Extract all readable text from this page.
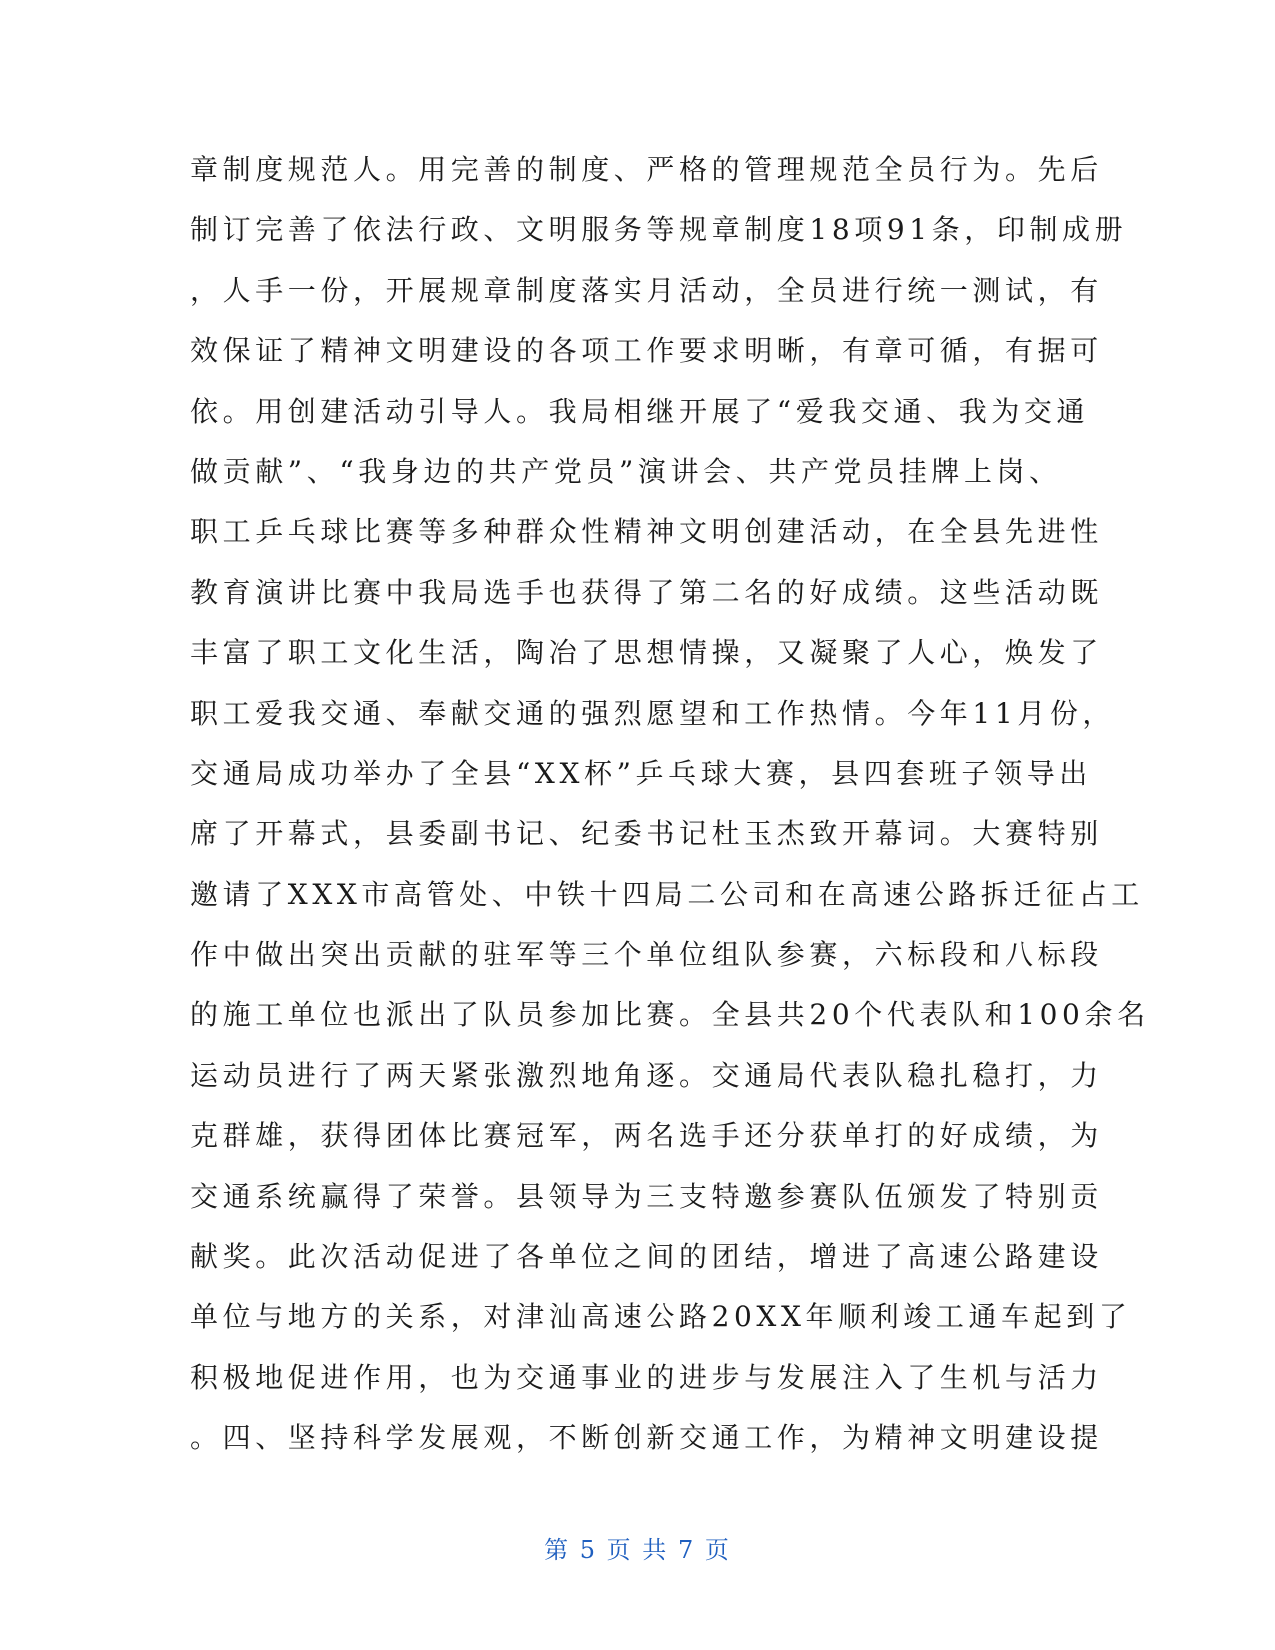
章制度规范人。用完善的制度、严格的管理规范全员行为。先后
制订完善了依法行政、文明服务等规章制度18项91条，印制成册
，人手一份，开展规章制度落实月活动，全员进行统一测试，有
效保证了精神文明建设的各项工作要求明晰，有章可循，有据可
依。用创建活动引导人。我局相继开展了“爱我交通、我为交通
做贡献”、“我身边的共产党员”演讲会、共产党员挂牌上岗、
职工乒乓球比赛等多种群众性精神文明创建活动，在全县先进性
教育演讲比赛中我局选手也获得了第二名的好成绩。这些活动既
丰富了职工文化生活，陶冶了思想情操，又凝聚了人心，焕发了
职工爱我交通、奉献交通的强烈愿望和工作热情。今年11月份，
交通局成功举办了全县“XX杯”乒乓球大赛，县四套班子领导出
席了开幕式，县委副书记、纪委书记杜玉杰致开幕词。大赛特别
邀请了XXX市高管处、中铁十四局二公司和在高速公路拆迁征占工
作中做出突出贡献的驻军等三个单位组队参赛，六标段和八标段
的施工单位也派出了队员参加比赛。全县共20个代表队和100余名
运动员进行了两天紧张激烈地角逐。交通局代表队稳扎稳打，力
克群雄，获得团体比赛冠军，两名选手还分获单打的好成绩，为
交通系统赢得了荣誉。县领导为三支特邀参赛队伍颁发了特别贡
献奖。此次活动促进了各单位之间的团结，增进了高速公路建设
单位与地方的关系，对津汕高速公路20XX年顺利竣工通车起到了
积极地促进作用，也为交通事业的进步与发展注入了生机与活力
。四、坚持科学发展观，不断创新交通工作，为精神文明建设提
第 5 页 共 7 页
